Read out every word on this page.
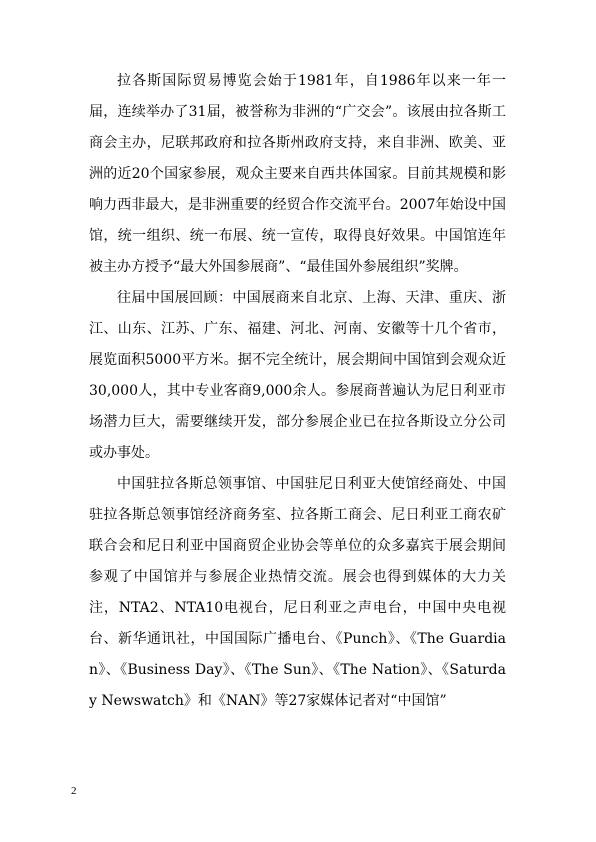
拉各斯国际贸易博览会始于1981年，自1986年以来一年一届，连续举办了31届，被誉称为非洲的“广交会”。该展由拉各斯工商会主办，尼联邦政府和拉各斯州政府支持，来自非洲、欧美、亚洲的近20个国家参展，观众主要来自西共体国家。目前其规模和影响力西非最大，是非洲重要的经贸合作交流平台。2007年始设中国馆，统一组织、统一布展、统一宣传，取得良好效果。中国馆连年被主办方授予“最大外国参展商”、“最佳国外参展组织”奖牌。

往届中国展回顾：中国展商来自北京、上海、天津、重庆、浙江、山东、江苏、广东、福建、河北、河南、安徽等十几个省市，展览面积5000平方米。据不完全统计，展会期间中国馆到会观众近30,000人，其中专业客商9,000余人。参展商普遍认为尼日利亚市场潜力巨大，需要继续开发，部分参展企业已在拉各斯设立分公司或办事处。

中国驻拉各斯总领事馆、中国驻尼日利亚大使馆经商处、中国驻拉各斯总领事馆经济商务室、拉各斯工商会、尼日利亚工商农矿联合会和尼日利亚中国商贸企业协会等单位的众多嘉宾于展会期间参观了中国馆并与参展企业热情交流。展会也得到媒体的大力关注，NTA2、NTA10电视台，尼日利亚之声电台，中国中央电视台、新华通讯社，中国国际广播电台、《Punch》、《The Guardian》、《Business Day》、《The Sun》、《The Nation》、《Saturday Newswatch》和《NAN》等27家媒体记者对“中国馆”

2
